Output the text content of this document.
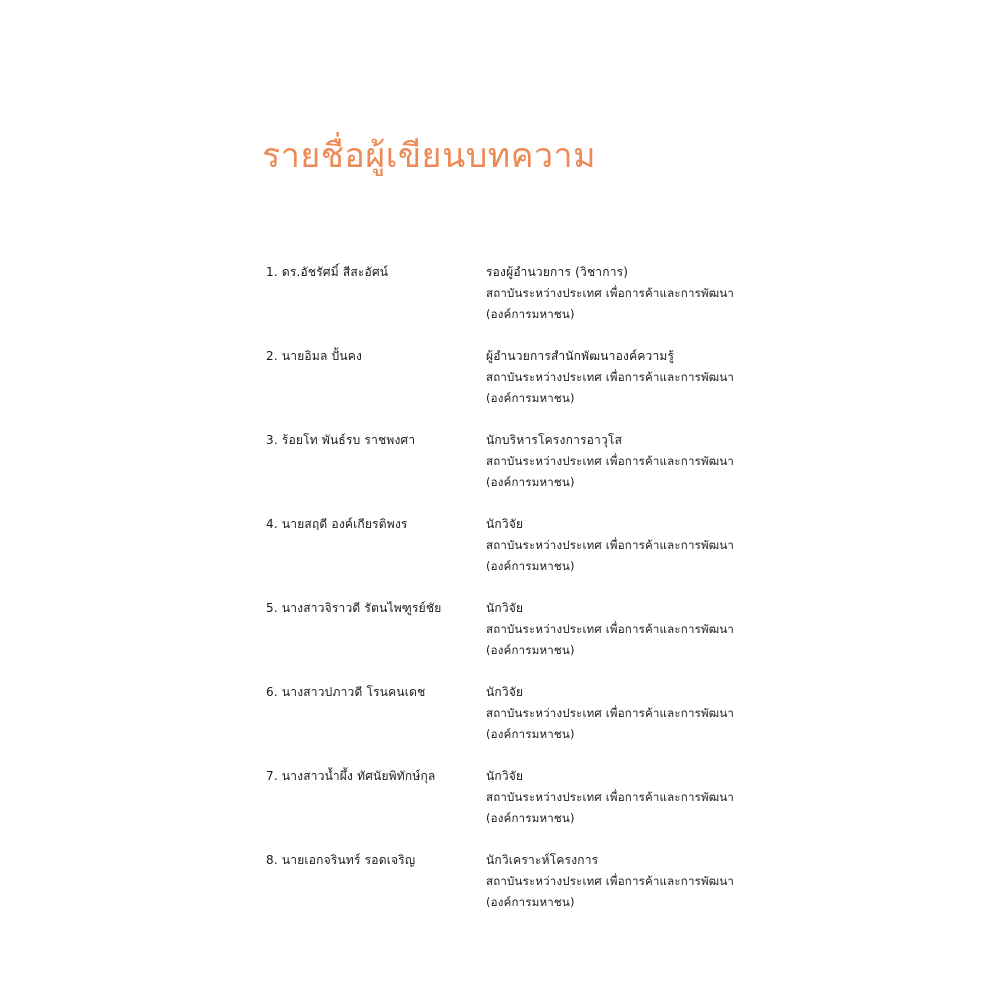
รายชื่อผู้เขียนบทความ
1. ดร.อัชรัศมิ์ สีสะอัศน์	รองผู้อำนวยการ (วิชาการ)
สถาบันระหว่างประเทศ เพื่อการค้าและการพัฒนา
(องค์การมหาชน)
2. นายอิมล ปั้นคง	ผู้อำนวยการสำนักพัฒนาองค์ความรู้
สถาบันระหว่างประเทศ เพื่อการค้าและการพัฒนา
(องค์การมหาชน)
3. ร้อยโท พันธ์รบ ราชพงศา	นักบริหารโครงการอาวุโส
สถาบันระหว่างประเทศ เพื่อการค้าและการพัฒนา
(องค์การมหาชน)
4. นายสฤดี องค์เกียรติพงร	นักวิจัย
สถาบันระหว่างประเทศ เพื่อการค้าและการพัฒนา
(องค์การมหาชน)
5. นางสาวจิราวดี รัตนไพฑูรย์ชัย	นักวิจัย
สถาบันระหว่างประเทศ เพื่อการค้าและการพัฒนา
(องค์การมหาชน)
6. นางสาวปภาวดี โรนคนเดช	นักวิจัย
สถาบันระหว่างประเทศ เพื่อการค้าและการพัฒนา
(องค์การมหาชน)
7. นางสาวน้ำผึ้ง ทัศนัยพิทักษ์กุล	นักวิจัย
สถาบันระหว่างประเทศ เพื่อการค้าและการพัฒนา
(องค์การมหาชน)
8. นายเอกจรินทร์ รอดเจริญ	นักวิเคราะห์โครงการ
สถาบันระหว่างประเทศ เพื่อการค้าและการพัฒนา
(องค์การมหาชน)
